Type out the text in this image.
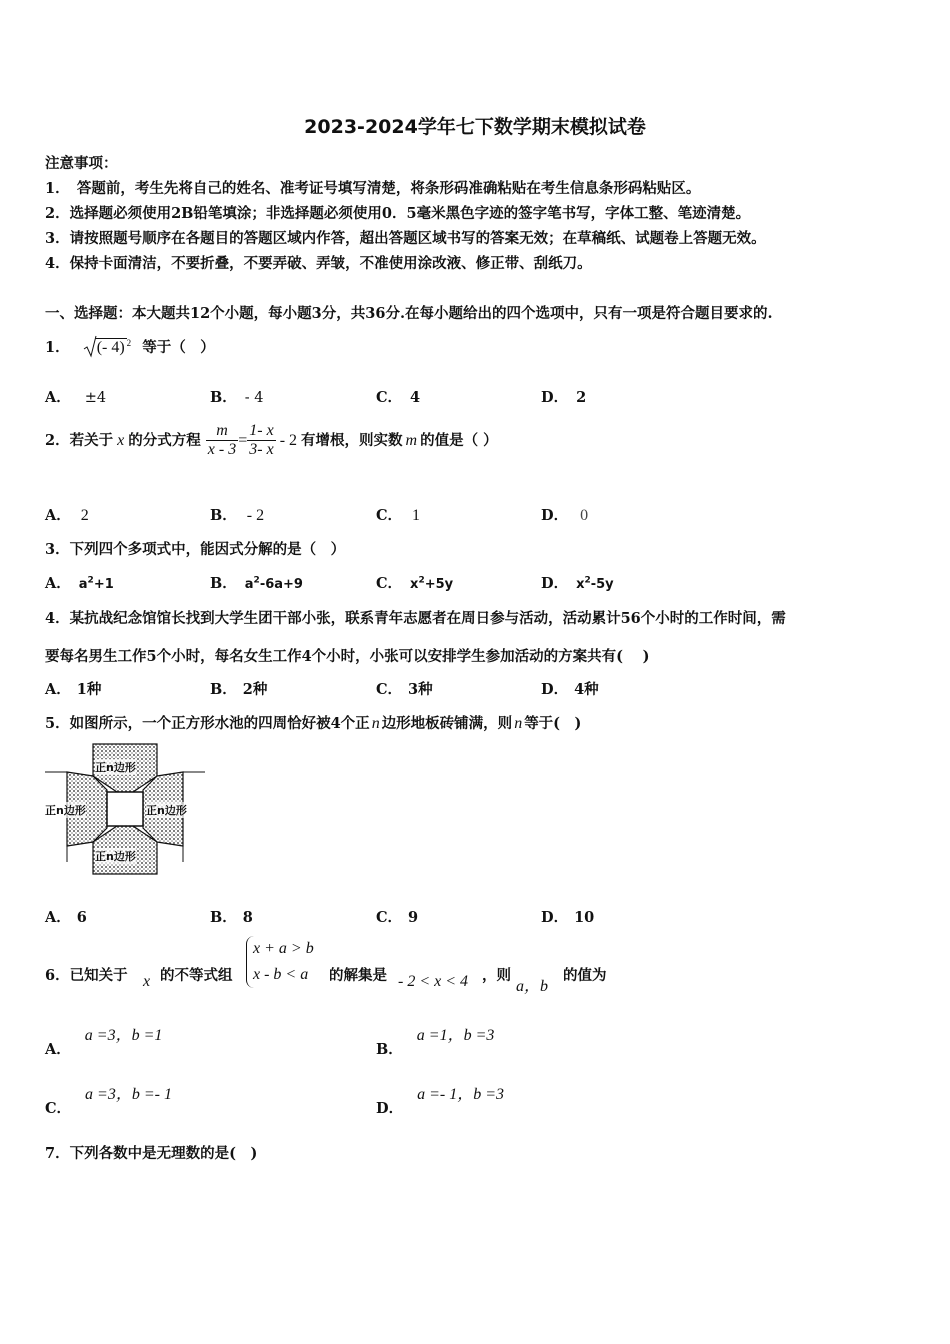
2023-2024学年七下数学期末模拟试卷
注意事项：
1．　答题前，考生先将自己的姓名、准考证号填写清楚，将条形码准确粘贴在考生信息条形码粘贴区。
2．选择题必须使用2B铅笔填涂；非选择题必须使用0．5毫米黑色字迹的签字笔书写，字体工整、笔迹清楚。
3．请按照题号顺序在各题目的答题区域内作答，超出答题区域书写的答案无效；在草稿纸、试题卷上答题无效。
4．保持卡面清洁，不要折叠，不要弄破、弄皱，不准使用涂改液、修正带、刮纸刀。
一、选择题：本大题共12个小题，每小题3分，共36分.在每小题给出的四个选项中，只有一项是符合题目要求的.
1． (- 4) $^2$ 等于（　）
A． ±4	B． - 4	C． 4	D． 2
2．若关于 x 的分式方程 $\frac{m}{x - 3} = \frac{1- x}{3- x} - 2$ 有增根，则实数 m 的值是（ ）
A． 2	B． - 2	C． 1	D． 0
3．下列四个多项式中，能因式分解的是（　）
A． $a^2+1$	B． $a^2-6a+9$	C． $x^2+5y$	D． $x^2-5y$
4．某抗战纪念馆馆长找到大学生团干部小张，联系青年志愿者在周日参与活动，活动累计56个小时的工作时间，需
要每名男生工作5个小时，每名女生工作4个小时，小张可以安排学生参加活动的方案共有(　 )
A． 1种	B． 2种	C． 3种	D． 4种
5．如图所示，一个正方形水池的四周恰好被4个正 n 边形地板砖铺满，则 n 等于(　)
正n边形
正n边形	正n边形
正n边形
A． 6	B． 8	C． 9	D． 10
6．已知关于 x 的不等式组
x + a > b
x - b < a	的解集是 - 2 < x < 4 ，则
a，b
的值为
A．a =3，b =1
B．a =1，b =3
C．a =3，b =- 1
D．a =- 1，b =3
7．下列各数中是无理数的是(　)
